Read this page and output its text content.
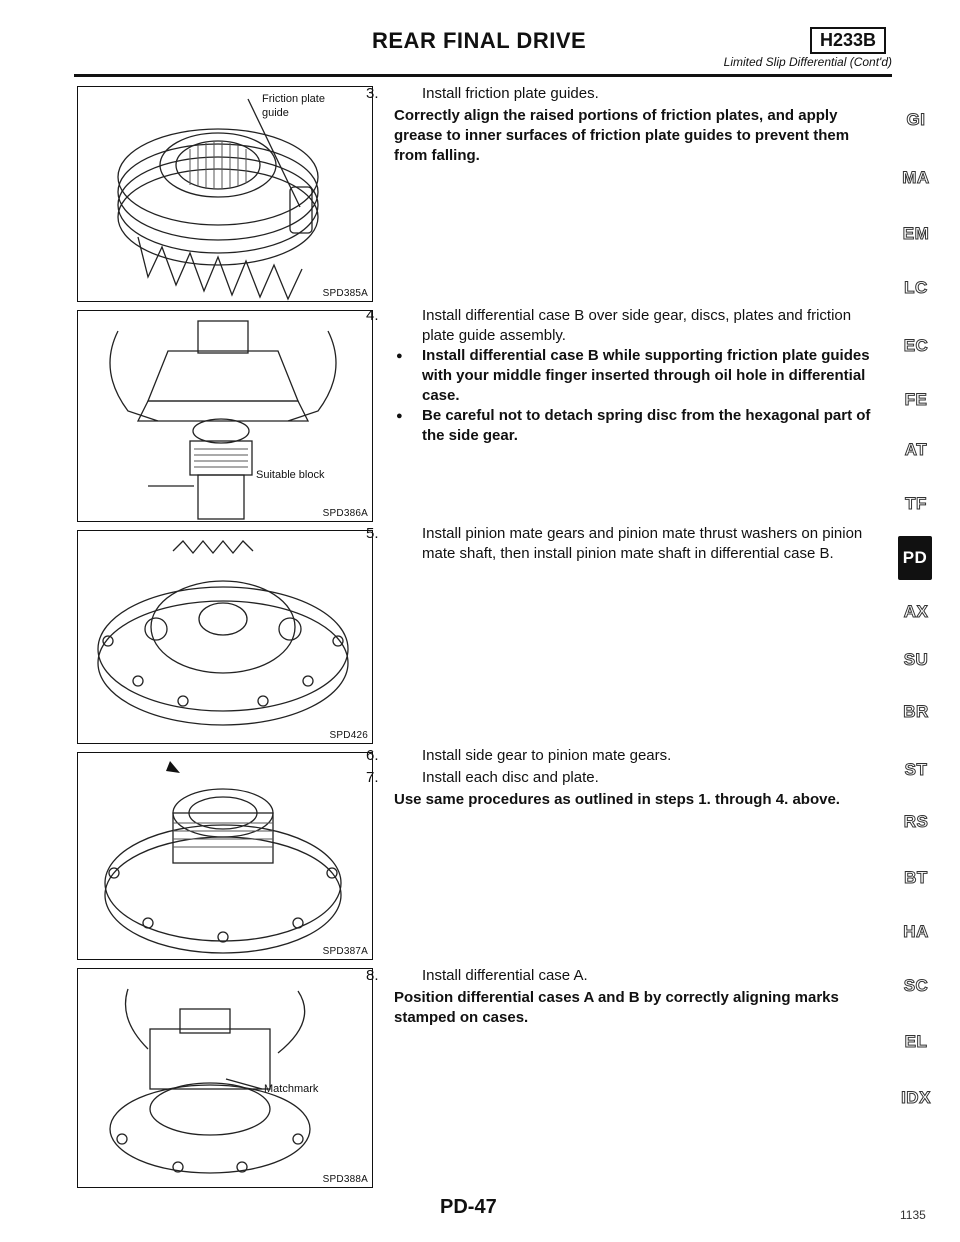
REAR FINAL DRIVE	H233B
Limited Slip Differential (Cont'd)
Friction plate
guide
SPD385A
Suitable block
SPD386A
SPD426
SPD387A
Matchmark
SPD388A

3.	Install friction plate guides.

Correctly align the raised portions of friction plates, and apply grease to inner surfaces of friction plate guides to prevent them from falling.

4.	Install differential case B over side gear, discs, plates and friction plate guide assembly.

● Install differential case B while supporting friction plate guides with your middle finger inserted through oil hole in differential case.

● Be careful not to detach spring disc from the hexagonal part of the side gear.

5.	Install pinion mate gears and pinion mate thrust washers on pinion mate shaft, then install pinion mate shaft in differential case B.

6.	Install side gear to pinion mate gears.

7.	Install each disc and plate.

Use same procedures as outlined in steps 1. through 4. above.

8.	Install differential case A.

Position differential cases A and B by correctly aligning marks stamped on cases.

GI
MA
EM
LC
EC
FE
AT
TF
PD
AX
SU
BR
ST
RS
BT
HA
SC
EL
IDX
PD-47	1135
